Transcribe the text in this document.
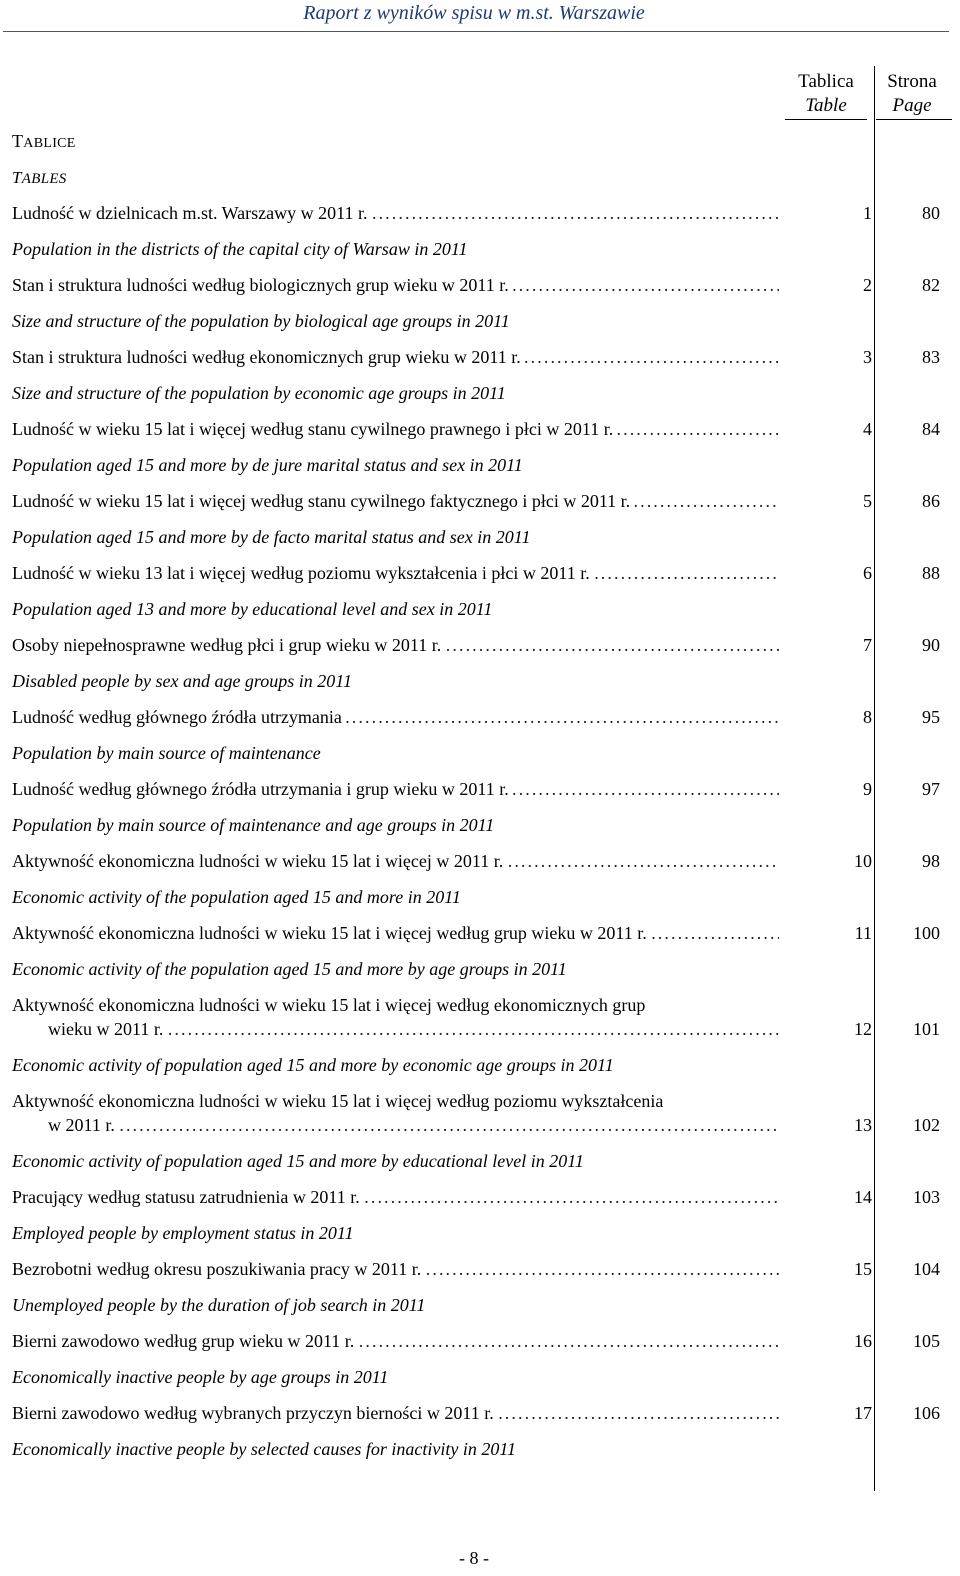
Raport z wyników spisu w m.st. Warszawie
Tablica
Table
Strona
Page
TABLICE
TABLES
Ludność w dzielnicach m.st. Warszawy w 2011 r. . . .	1	80
Population in the districts of the capital city of Warsaw in 2011
Stan i struktura ludności według biologicznych grup wieku w 2011 r. . . .	2	82
Size and structure of the population by biological age groups in 2011
Stan i struktura ludności według ekonomicznych grup wieku w 2011 r. . . .	3	83
Size and structure of the population by economic age groups in 2011
Ludność w wieku 15 lat i więcej według stanu cywilnego prawnego i płci w 2011 r. . . .	4	84
Population aged 15 and more by de jure marital status and sex in 2011
Ludność w wieku 15 lat i więcej według stanu cywilnego faktycznego i płci w 2011 r. . . .	5	86
Population aged 15 and more by de facto marital status and sex in 2011
Ludność w wieku 13 lat i więcej według poziomu wykształcenia i płci w 2011 r. . . .	6	88
Population aged 13 and more by educational level and sex in 2011
Osoby niepełnosprawne według płci i grup wieku w 2011 r. . . .	7	90
Disabled people by sex and age groups in 2011
Ludność według głównego źródła utrzymania . . .	8	95
Population by main source of maintenance
Ludność według głównego źródła utrzymania i grup wieku w 2011 r. . . .	9	97
Population by main source of maintenance and age groups in 2011
Aktywność ekonomiczna ludności w wieku 15 lat i więcej w 2011 r. . . .	10	98
Economic activity of the population aged 15 and more in 2011
Aktywność ekonomiczna ludności w wieku 15 lat i więcej według grup wieku w 2011 r. . . .	11	100
Economic activity of the population aged 15 and more by age groups in 2011
Aktywność ekonomiczna ludności w wieku 15 lat i więcej według ekonomicznych grup
wieku w 2011 r. . . .	12	101
Economic activity of population aged 15 and more by economic age groups in 2011
Aktywność ekonomiczna ludności w wieku 15 lat i więcej według poziomu wykształcenia
w 2011 r. . . .	13	102
Economic activity of population aged 15 and more by educational level in 2011
Pracujący według statusu zatrudnienia w 2011 r. . . .	14	103
Employed people by employment status in 2011
Bezrobotni według okresu poszukiwania pracy w 2011 r. . . .	15	104
Unemployed people by the duration of job search in 2011
Bierni zawodowo według grup wieku w 2011 r. . . .	16	105
Economically inactive people by age groups in 2011
Bierni zawodowo według wybranych przyczyn bierności w 2011 r. . . .	17	106
Economically inactive people by selected causes for inactivity in 2011
- 8 -
